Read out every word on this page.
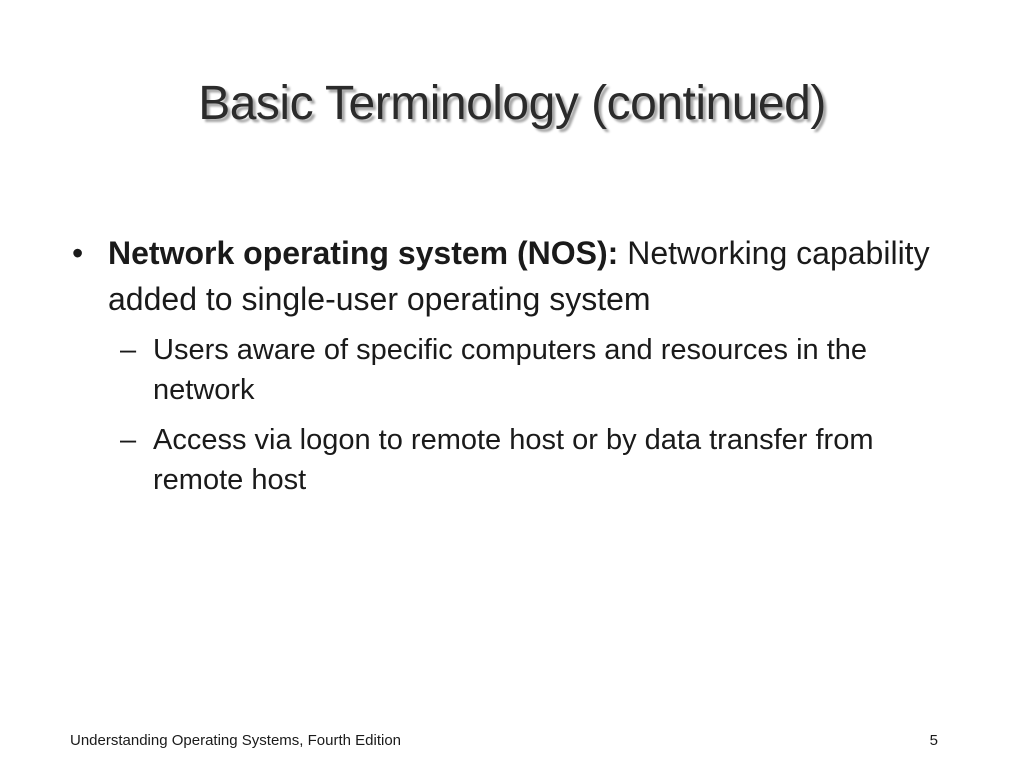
Basic Terminology (continued)
• Network operating system (NOS): Networking capability added to single-user operating system
– Users aware of specific computers and resources in the network
– Access via logon to remote host or by data transfer from remote host
Understanding Operating Systems, Fourth Edition	5
